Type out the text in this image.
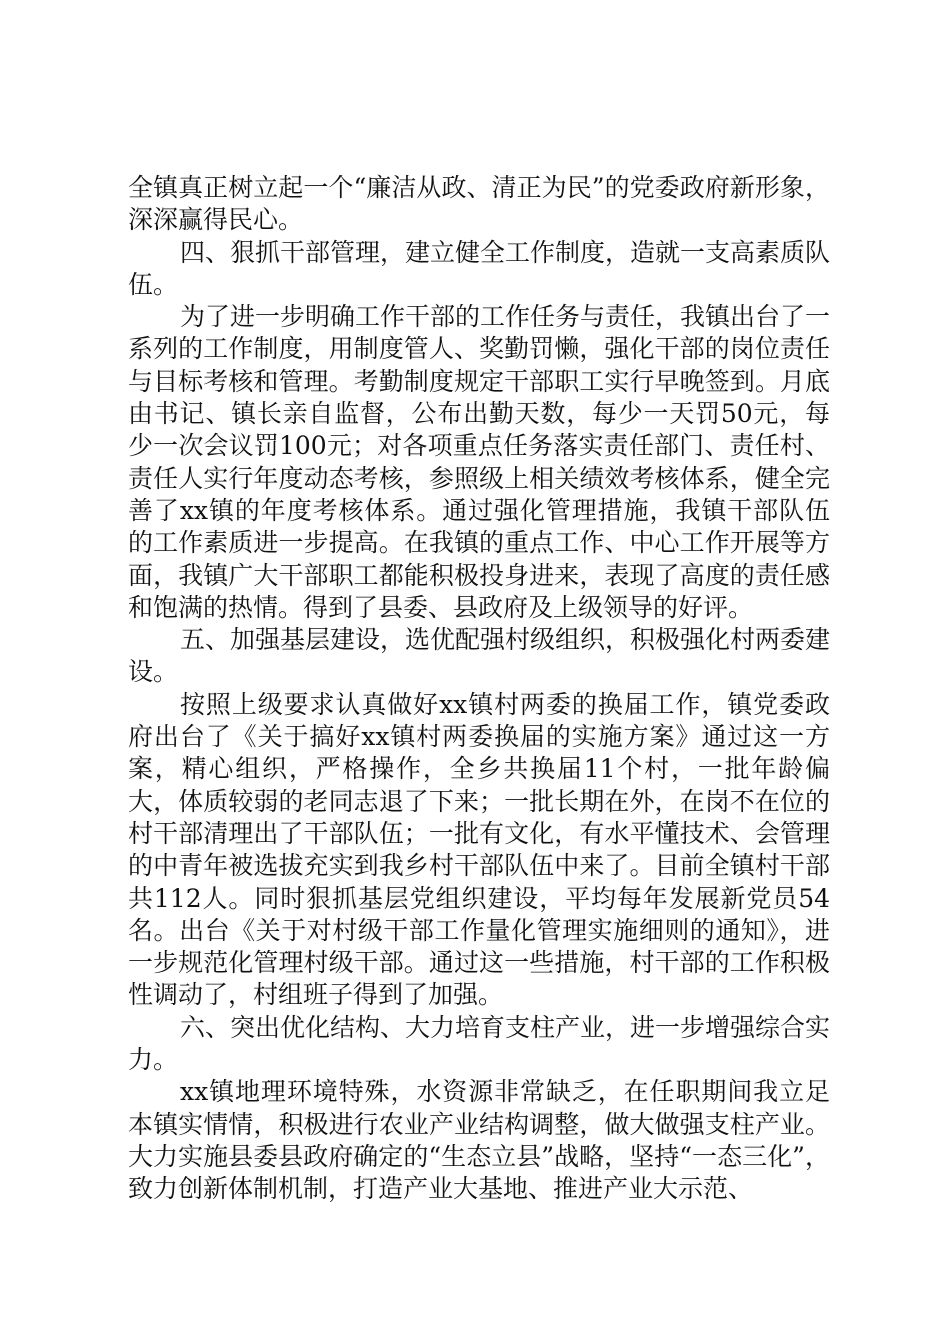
全镇真正树立起一个“廉洁从政、清正为民”的党委政府新形象，深深赢得民心。

四、狠抓干部管理，建立健全工作制度，造就一支高素质队伍。

为了进一步明确工作干部的工作任务与责任，我镇出台了一系列的工作制度，用制度管人、奖勤罚懒，强化干部的岗位责任与目标考核和管理。考勤制度规定干部职工实行早晚签到。月底由书记、镇长亲自监督，公布出勤天数，每少一天罚50元，每少一次会议罚100元；对各项重点任务落实责任部门、责任村、责任人实行年度动态考核，参照级上相关绩效考核体系，健全完善了xx镇的年度考核体系。通过强化管理措施，我镇干部队伍的工作素质进一步提高。在我镇的重点工作、中心工作开展等方面，我镇广大干部职工都能积极投身进来，表现了高度的责任感和饱满的热情。得到了县委、县政府及上级领导的好评。

五、加强基层建设，选优配强村级组织，积极强化村两委建设。

按照上级要求认真做好xx镇村两委的换届工作，镇党委政府出台了《关于搞好xx镇村两委换届的实施方案》通过这一方案，精心组织，严格操作，全乡共换届11个村，一批年龄偏大，体质较弱的老同志退了下来；一批长期在外，在岗不在位的村干部清理出了干部队伍；一批有文化，有水平懂技术、会管理的中青年被选拔充实到我乡村干部队伍中来了。目前全镇村干部共112人。同时狠抓基层党组织建设，平均每年发展新党员54名。出台《关于对村级干部工作量化管理实施细则的通知》，进一步规范化管理村级干部。通过这一些措施，村干部的工作积极性调动了，村组班子得到了加强。

六、突出优化结构、大力培育支柱产业，进一步增强综合实力。

xx镇地理环境特殊，水资源非常缺乏，在任职期间我立足本镇实情情，积极进行农业产业结构调整，做大做强支柱产业。大力实施县委县政府确定的“生态立县”战略，坚持“一态三化”，致力创新体制机制，打造产业大基地、推进产业大示范、
